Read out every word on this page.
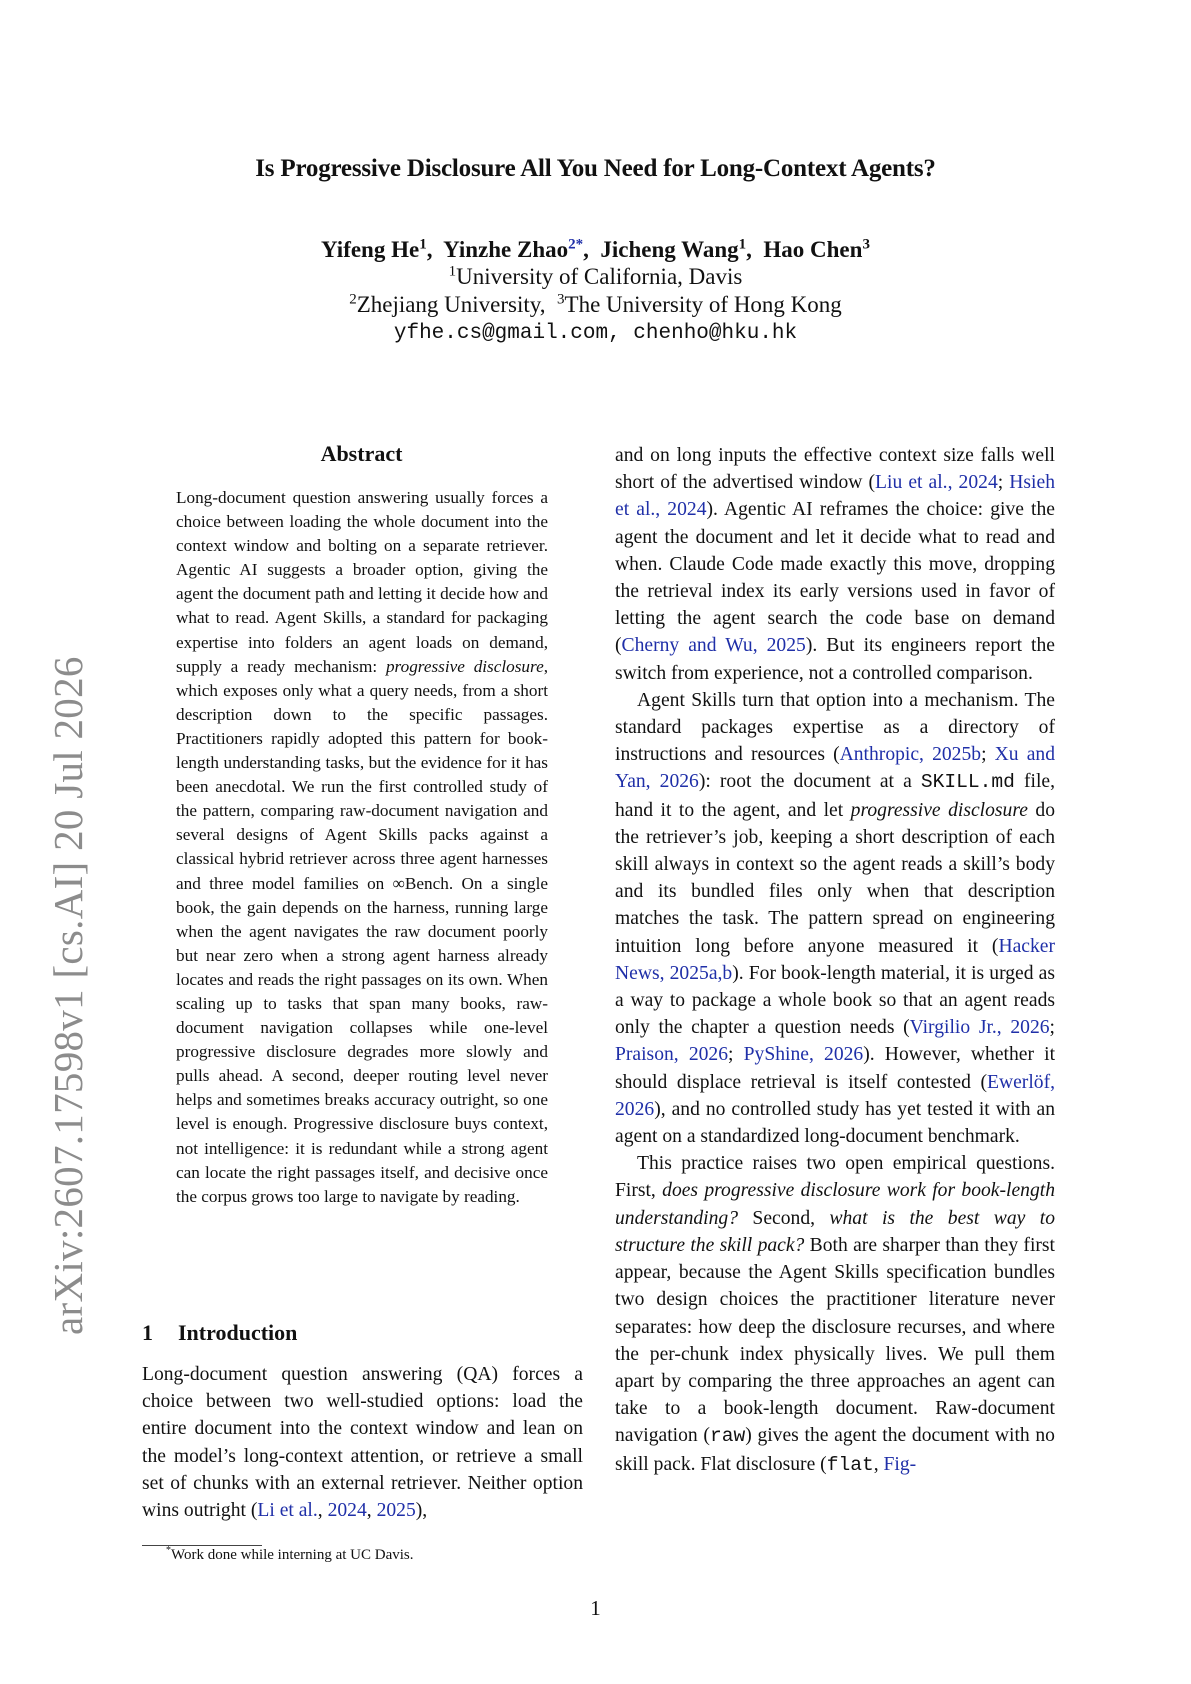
arXiv:2607.17598v1 [cs.AI] 20 Jul 2026
Is Progressive Disclosure All You Need for Long-Context Agents?
Yifeng He$^1$,  Yinzhe Zhao$^{2*}$,  Jicheng Wang$^1$,  Hao Chen$^3$
$^1$University of California, Davis
$^2$Zhejiang University, $^3$The University of Hong Kong
yfhe.cs@gmail.com, chenho@hku.hk
Abstract
Long-document question answering usually forces a choice between loading the whole document into the context window and bolting on a separate retriever. Agentic AI suggests a broader option, giving the agent the document path and letting it decide how and what to read. Agent Skills, a standard for packaging expertise into folders an agent loads on demand, supply a ready mechanism: progressive disclosure, which exposes only what a query needs, from a short description down to the specific passages. Practitioners rapidly adopted this pattern for book-length understanding tasks, but the evidence for it has been anecdotal. We run the first controlled study of the pattern, comparing raw-document navigation and several designs of Agent Skills packs against a classical hybrid retriever across three agent harnesses and three model families on ∞Bench. On a single book, the gain depends on the harness, running large when the agent navigates the raw document poorly but near zero when a strong agent harness already locates and reads the right passages on its own. When scaling up to tasks that span many books, raw-document navigation collapses while one-level progressive disclosure degrades more slowly and pulls ahead. A second, deeper routing level never helps and sometimes breaks accuracy outright, so one level is enough. Progressive disclosure buys context, not intelligence: it is redundant while a strong agent can locate the right passages itself, and decisive once the corpus grows too large to navigate by reading.
1 Introduction

Long-document question answering (QA) forces a choice between two well-studied options: load the entire document into the context window and lean on the model’s long-context attention, or retrieve a small set of chunks with an external retriever. Neither option wins outright (Li et al., 2024, 2025),

and on long inputs the effective context size falls well short of the advertised window (Liu et al., 2024; Hsieh et al., 2024). Agentic AI reframes the choice: give the agent the document and let it decide what to read and when. Claude Code made exactly this move, dropping the retrieval index its early versions used in favor of letting the agent search the code base on demand (Cherny and Wu, 2025). But its engineers report the switch from experience, not a controlled comparison.

Agent Skills turn that option into a mechanism. The standard packages expertise as a directory of instructions and resources (Anthropic, 2025b; Xu and Yan, 2026): root the document at a SKILL.md file, hand it to the agent, and let progressive disclosure do the retriever’s job, keeping a short description of each skill always in context so the agent reads a skill’s body and its bundled files only when that description matches the task. The pattern spread on engineering intuition long before anyone measured it (Hacker News, 2025a,b). For book-length material, it is urged as a way to package a whole book so that an agent reads only the chapter a question needs (Virgilio Jr., 2026; Praison, 2026; PyShine, 2026). However, whether it should displace retrieval is itself contested (Ewerlöf, 2026), and no controlled study has yet tested it with an agent on a standardized long-document benchmark.

This practice raises two open empirical questions. First, does progressive disclosure work for book-length understanding? Second, what is the best way to structure the skill pack? Both are sharper than they first appear, because the Agent Skills specification bundles two design choices the practitioner literature never separates: how deep the disclosure recurses, and where the per-chunk index physically lives. We pull them apart by comparing the three approaches an agent can take to a book-length document. Raw-document navigation (raw) gives the agent the document with no skill pack. Flat disclosure (flat, Fig-

*Work done while interning at UC Davis.
1
